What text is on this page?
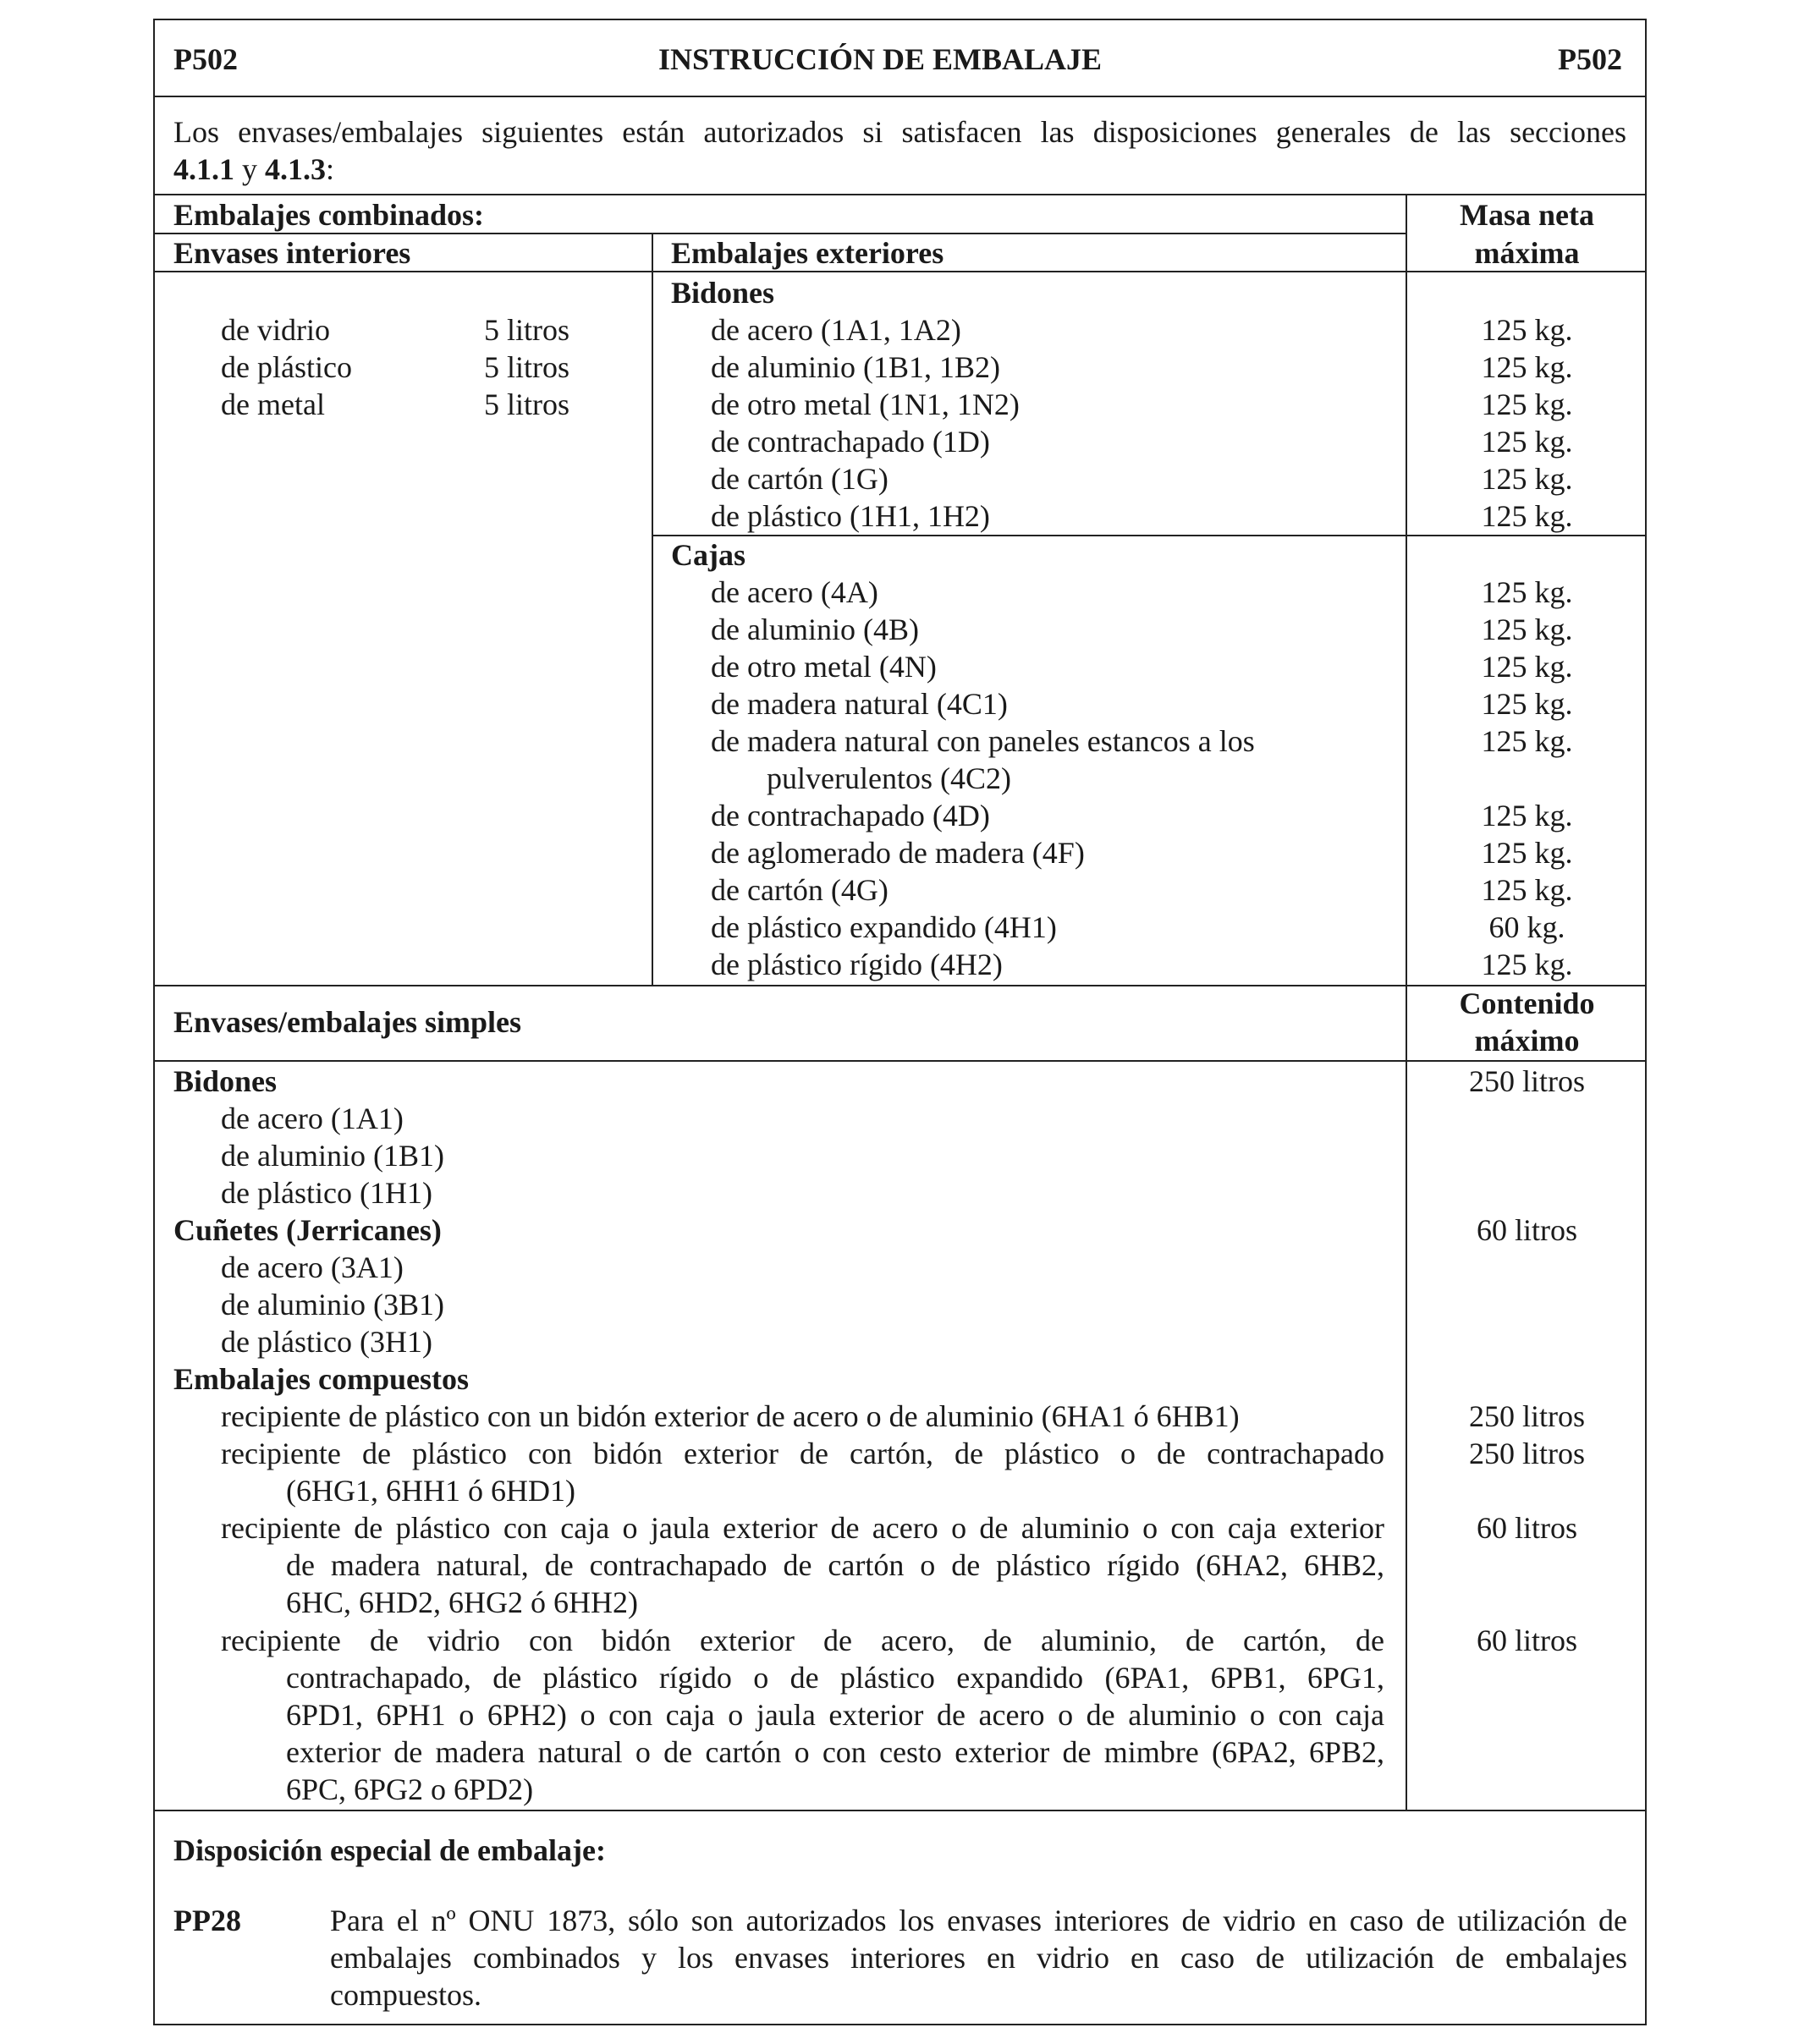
P502	INSTRUCCIÓN DE EMBALAJE	P502
Los envases/embalajes siguientes están autorizados si satisfacen las disposiciones generales de las secciones
4.1.1 y 4.1.3:
Embalajes combinados:
Envases interiores	Embalajes exteriores
Masa neta
máxima
de vidrio	5 litros
de plástico	5 litros
de metal	5 litros
Bidones
de acero (1A1, 1A2)	125 kg.
de aluminio (1B1, 1B2)	125 kg.
de otro metal (1N1, 1N2)	125 kg.
de contrachapado (1D)	125 kg.
de cartón (1G)	125 kg.
de plástico (1H1, 1H2)	125 kg.
Cajas
de acero (4A)	125 kg.
de aluminio (4B)	125 kg.
de otro metal (4N)	125 kg.
de madera natural (4C1)	125 kg.
de madera natural con paneles estancos a los
pulverulentos (4C2)
125 kg.
de contrachapado (4D)	125 kg.
de aglomerado de madera (4F)	125 kg.
de cartón (4G)	125 kg.
de plástico expandido (4H1)	60 kg.
de plástico rígido (4H2)	125 kg.
Envases/embalajes simples
Contenido
máximo
Bidones	250 litros
de acero (1A1)
de aluminio (1B1)
de plástico (1H1)
Cuñetes (Jerricanes)	60 litros
de acero (3A1)
de aluminio (3B1)
de plástico (3H1)
Embalajes compuestos
recipiente de plástico con un bidón exterior de acero o de aluminio (6HA1 ó 6HB1)	250 litros
recipiente de plástico con bidón exterior de cartón, de plástico o de contrachapado
(6HG1, 6HH1 ó 6HD1)
250 litros
recipiente de plástico con caja o jaula exterior de acero o de aluminio o con caja exterior
de madera natural, de contrachapado de cartón o de plástico rígido (6HA2, 6HB2,
6HC, 6HD2, 6HG2 ó 6HH2)
60 litros
recipiente de vidrio con bidón exterior de acero, de aluminio, de cartón, de
contrachapado, de plástico rígido o de plástico expandido (6PA1, 6PB1, 6PG1,
6PD1, 6PH1 o 6PH2) o con caja o jaula exterior de acero o de aluminio o con caja
exterior de madera natural o de cartón o con cesto exterior de mimbre (6PA2, 6PB2,
6PC, 6PG2 o 6PD2)
60 litros
Disposición especial de embalaje:
PP28	Para el nº ONU 1873, sólo son autorizados los envases interiores de vidrio en caso de utilización de
embalajes combinados y los envases interiores en vidrio en caso de utilización de embalajes
compuestos.
